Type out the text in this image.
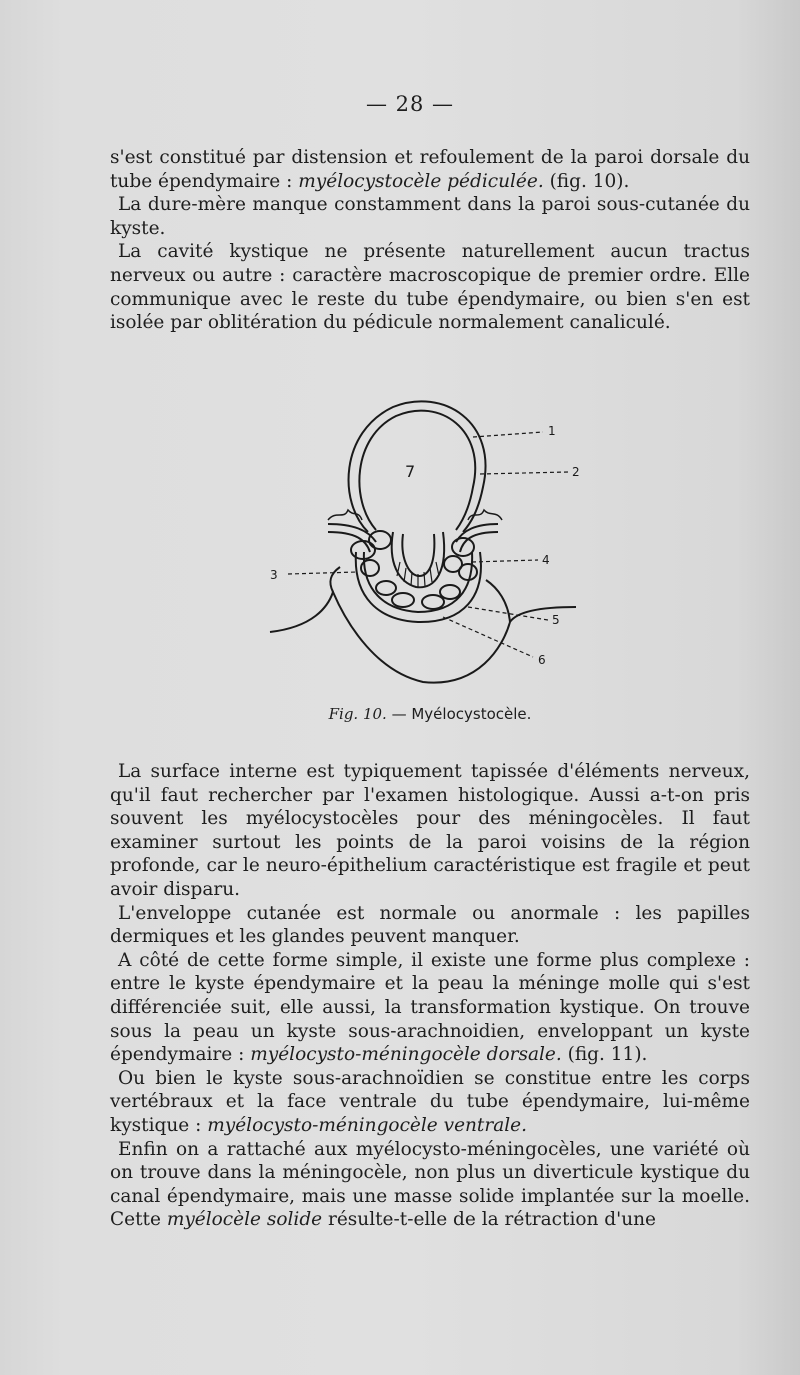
— 28 —

s'est constitué par distension et refoulement de la paroi dorsale du tube épendymaire : myélocystocèle pédiculée. (fig. 10).

La dure-mère manque constamment dans la paroi sous-cutanée du kyste.

La cavité kystique ne présente naturellement aucun tractus nerveux ou autre : caractère macroscopique de premier ordre. Elle communique avec le reste du tube épendymaire, ou bien s'en est isolée par oblitération du pédicule normalement canaliculé.

1
2
3
4
5
6
7
Fig. 10. — Myélocystocèle.

La surface interne est typiquement tapissée d'éléments nerveux, qu'il faut rechercher par l'examen histologique. Aussi a-t-on pris souvent les myélocystocèles pour des méningocèles. Il faut examiner surtout les points de la paroi voisins de la région profonde, car le neuro-épithelium caractéristique est fragile et peut avoir disparu.

L'enveloppe cutanée est normale ou anormale : les papilles dermiques et les glandes peuvent manquer.

A côté de cette forme simple, il existe une forme plus complexe : entre le kyste épendymaire et la peau la méninge molle qui s'est différenciée suit, elle aussi, la transformation kystique. On trouve sous la peau un kyste sous-arachnoidien, enveloppant un kyste épendymaire : myélocysto-méningocèle dorsale. (fig. 11).

Ou bien le kyste sous-arachnoïdien se constitue entre les corps vertébraux et la face ventrale du tube épendymaire, lui-même kystique : myélocysto-méningocèle ventrale.

Enfin on a rattaché aux myélocysto-méningocèles, une variété où on trouve dans la méningocèle, non plus un diverticule kystique du canal épendymaire, mais une masse solide implantée sur la moelle. Cette myélocèle solide résulte-t-elle de la rétraction d'une
